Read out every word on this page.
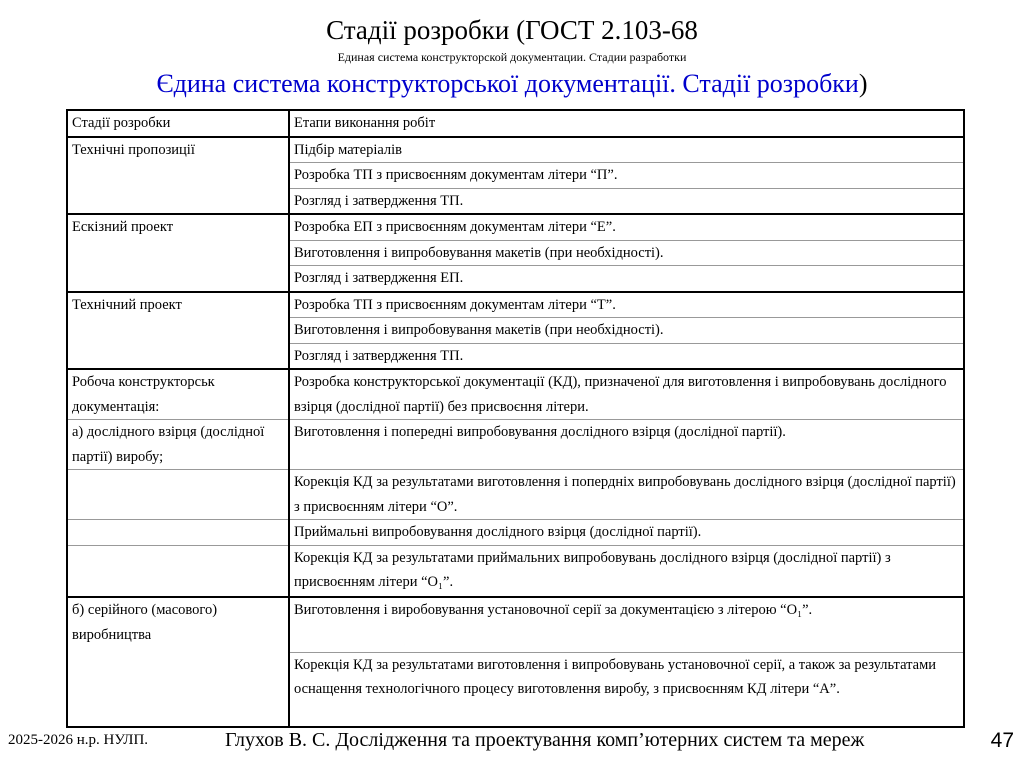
Стадії розробки (ГОСТ 2.103-68
Единая система конструкторской документации. Стадии разработки
Єдина система конструкторської документації. Стадії розробки)
Стадії розробки	Етапи виконання робіт
Технічні пропозиції	Підбір матеріалів
	Розробка ТП з присвоєнням документам літери “П”.
	Розгляд і затвердження ТП.
Ескізний проект	Розробка ЕП з присвоєнням документам літери “Е”.
	Виготовлення і випробовування макетів (при необхідності).
	Розгляд і затвердження ЕП.
Технічний проект	Розробка ТП з присвоєнням документам літери “Т”.
	Виготовлення і випробовування макетів (при необхідності).
	Розгляд і затвердження ТП.
Робоча конструкторськ документація:	Розробка конструкторської документації (КД), призначеної для виготовлення і випробовувань дослідного взірця (дослідної партії) без присвоєння літери.
а) дослідного взірця (дослідної партії) виробу;	Виготовлення і попередні випробовування дослідного взірця (дослідної партії).
	Корекція КД за результатами виготовлення і попердніх випробовувань дослідного взірця (дослідної партії) з присвоєнням літери “О”.
	Приймальні випробовування дослідного взірця (дослідної партії).
	Корекція КД за результатами приймальних випробовувань дослідного взірця (дослідної партії) з присвоєнням літери “О₁”.
б) серійного (масового) виробництва	Виготовлення і виробовування установочної серії за документацією з літерою “О₁”.
	Корекція КД за результатами виготовлення і випробовувань установочної серії, а також за результатами оснащення технологічного процесу виготовлення виробу, з присвоєнням КД літери “А”.
2025-2026 н.р. НУЛП.	Глухов В. С. Дослідження та проектування комп’ютерних систем та мереж	47
